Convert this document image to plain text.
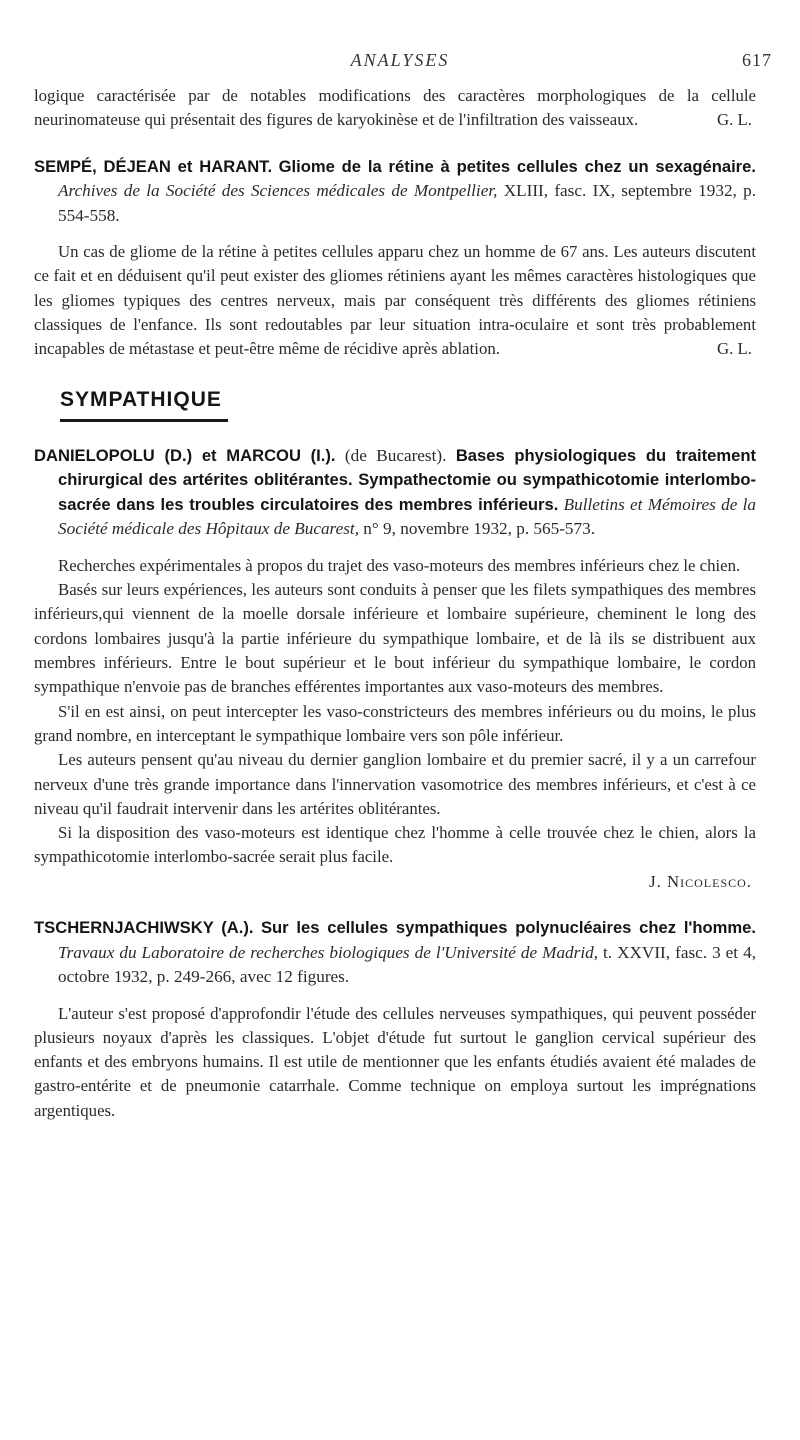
ANALYSES	617

logique caractérisée par de notables modifications des caractères morphologiques de la cellule neurinomateuse qui présentait des figures de karyokinèse et de l'infiltration des vaisseaux.	G. L.

SEMPÉ, DÉJEAN et HARANT. Gliome de la rétine à petites cellules chez un sexagénaire. Archives de la Société des Sciences médicales de Montpellier, XLIII, fasc. IX, septembre 1932, p. 554-558.

Un cas de gliome de la rétine à petites cellules apparu chez un homme de 67 ans. Les auteurs discutent ce fait et en déduisent qu'il peut exister des gliomes rétiniens ayant les mêmes caractères histologiques que les gliomes typiques des centres nerveux, mais par conséquent très différents des gliomes rétiniens classiques de l'enfance. Ils sont redoutables par leur situation intra-oculaire et sont très probablement incapables de métastase et peut-être même de récidive après ablation.	G. L.

SYMPATHIQUE

DANIELOPOLU (D.) et MARCOU (I.). (de Bucarest). Bases physiologiques du traitement chirurgical des artérites oblitérantes. Sympathectomie ou sympathicotomie interlombo-sacrée dans les troubles circulatoires des membres inférieurs. Bulletins et Mémoires de la Société médicale des Hôpitaux de Bucarest, n° 9, novembre 1932, p. 565-573.

Recherches expérimentales à propos du trajet des vaso-moteurs des membres inférieurs chez le chien.

Basés sur leurs expériences, les auteurs sont conduits à penser que les filets sympathiques des membres inférieurs,qui viennent de la moelle dorsale inférieure et lombaire supérieure, cheminent le long des cordons lombaires jusqu'à la partie inférieure du sympathique lombaire, et de là ils se distribuent aux membres inférieurs. Entre le bout supérieur et le bout inférieur du sympathique lombaire, le cordon sympathique n'envoie pas de branches efférentes importantes aux vaso-moteurs des membres.

S'il en est ainsi, on peut intercepter les vaso-constricteurs des membres inférieurs ou du moins, le plus grand nombre, en interceptant le sympathique lombaire vers son pôle inférieur.

Les auteurs pensent qu'au niveau du dernier ganglion lombaire et du premier sacré, il y a un carrefour nerveux d'une très grande importance dans l'innervation vasomotrice des membres inférieurs, et c'est à ce niveau qu'il faudrait intervenir dans les artérites oblitérantes.

Si la disposition des vaso-moteurs est identique chez l'homme à celle trouvée chez le chien, alors la sympathicotomie interlombo-sacrée serait plus facile.

J. Nicolesco.

TSCHERNJACHIWSKY (A.). Sur les cellules sympathiques polynucléaires chez l'homme. Travaux du Laboratoire de recherches biologiques de l'Université de Madrid, t. XXVII, fasc. 3 et 4, octobre 1932, p. 249-266, avec 12 figures.

L'auteur s'est proposé d'approfondir l'étude des cellules nerveuses sympathiques, qui peuvent posséder plusieurs noyaux d'après les classiques. L'objet d'étude fut surtout le ganglion cervical supérieur des enfants et des embryons humains. Il est utile de mentionner que les enfants étudiés avaient été malades de gastro-entérite et de pneumonie catarrhale. Comme technique on employa surtout les imprégnations argentiques.
